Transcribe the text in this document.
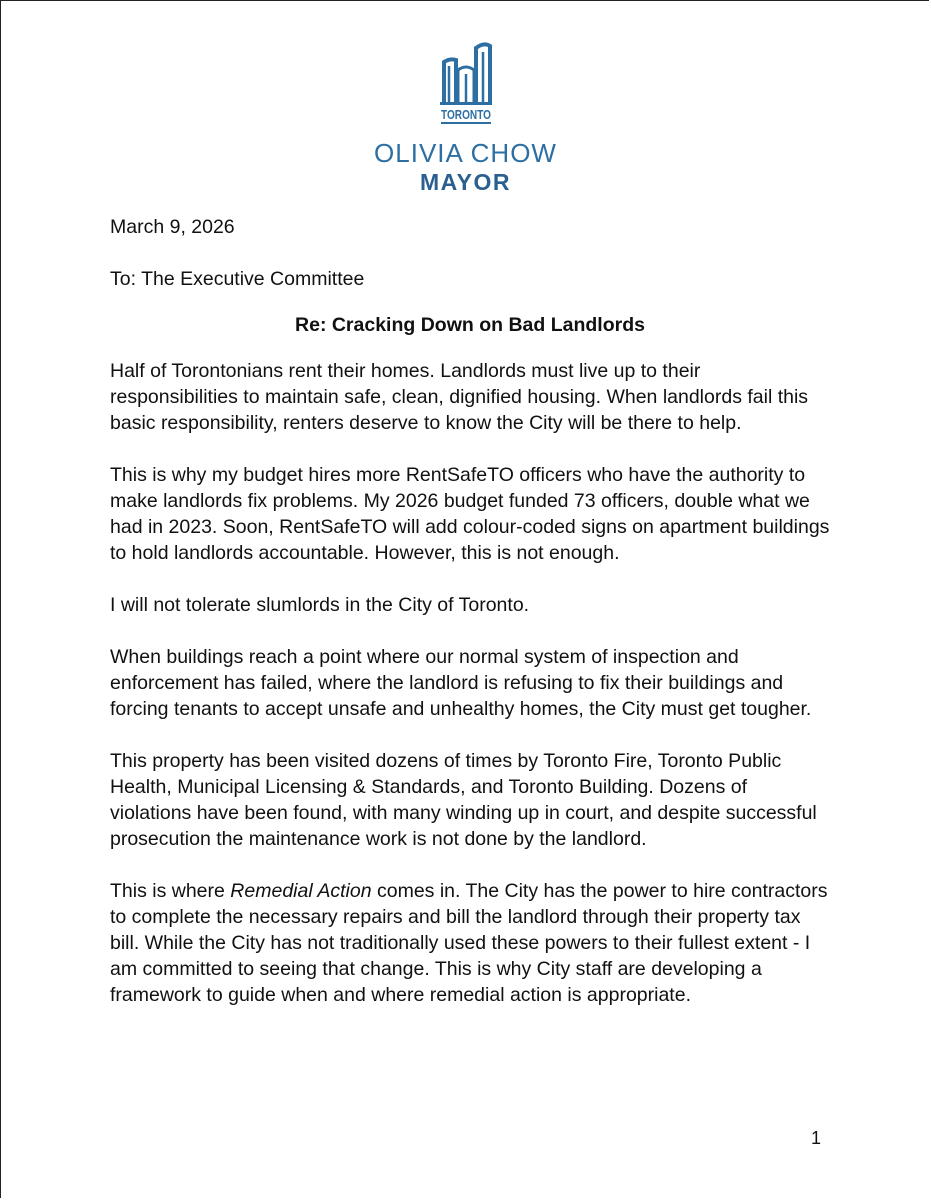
TORONTO
OLIVIA CHOW
MAYOR

March 9, 2026

To: The Executive Committee

Re: Cracking Down on Bad Landlords

Half of Torontonians rent their homes. Landlords must live up to their responsibilities to maintain safe, clean, dignified housing. When landlords fail this basic responsibility, renters deserve to know the City will be there to help.

This is why my budget hires more RentSafeTO officers who have the authority to make landlords fix problems. My 2026 budget funded 73 officers, double what we had in 2023. Soon, RentSafeTO will add colour-coded signs on apartment buildings to hold landlords accountable. However, this is not enough.

I will not tolerate slumlords in the City of Toronto.

When buildings reach a point where our normal system of inspection and enforcement has failed, where the landlord is refusing to fix their buildings and forcing tenants to accept unsafe and unhealthy homes, the City must get tougher.

This property has been visited dozens of times by Toronto Fire, Toronto Public Health, Municipal Licensing & Standards, and Toronto Building. Dozens of violations have been found, with many winding up in court, and despite successful prosecution the maintenance work is not done by the landlord.

This is where Remedial Action comes in. The City has the power to hire contractors to complete the necessary repairs and bill the landlord through their property tax bill. While the City has not traditionally used these powers to their fullest extent - I am committed to seeing that change. This is why City staff are developing a framework to guide when and where remedial action is appropriate.

1
